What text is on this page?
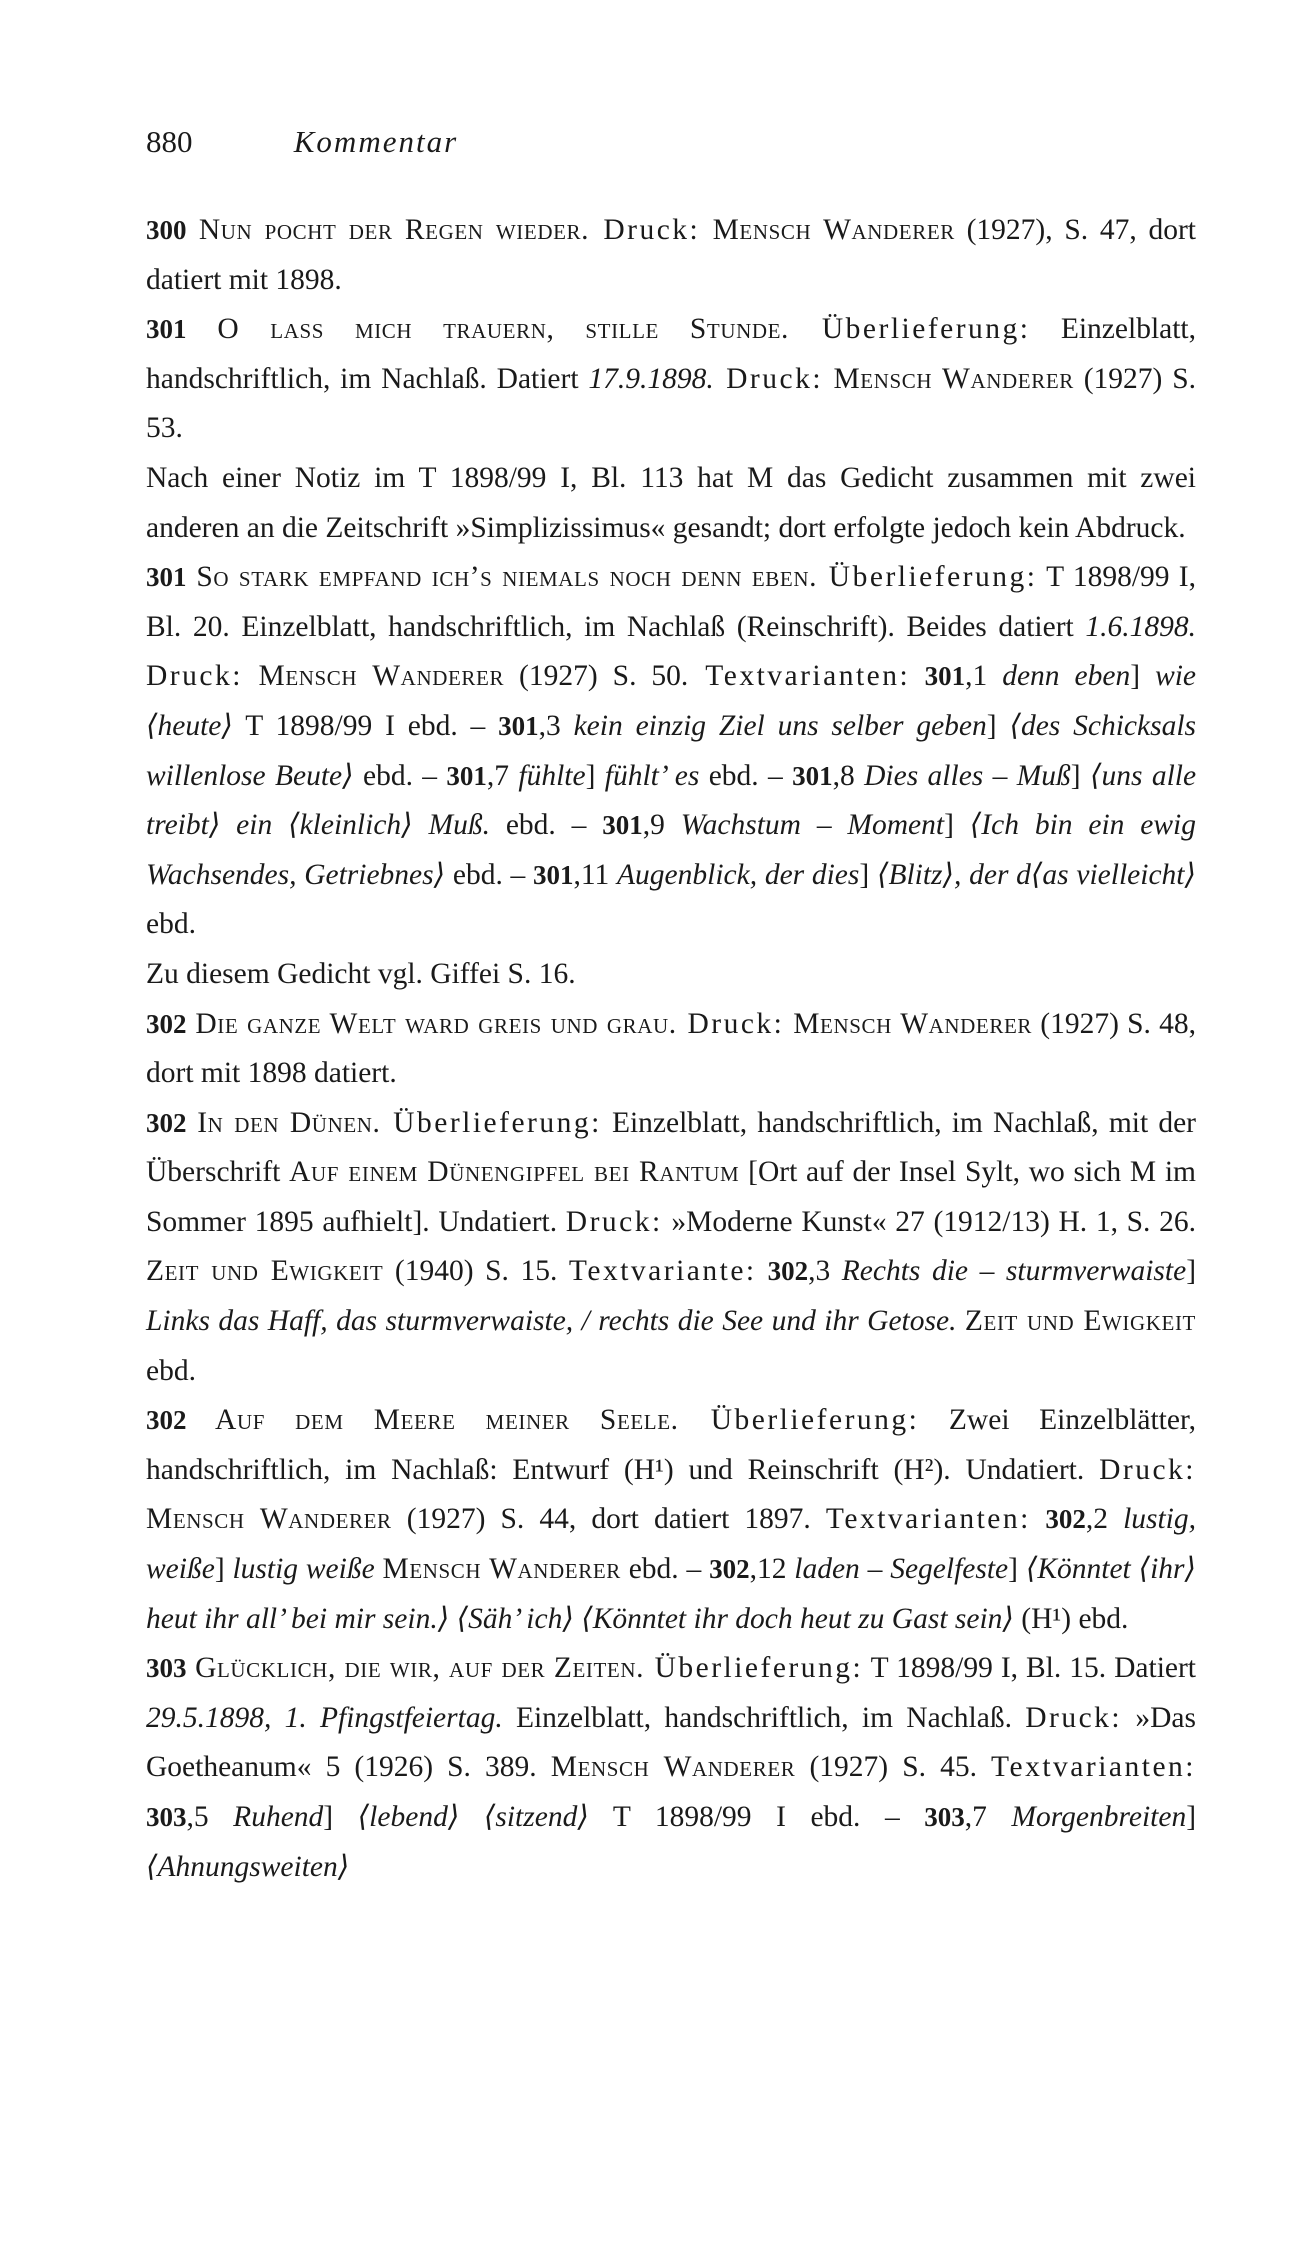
880	Kommentar

300 Nun pocht der Regen wieder. Druck: Mensch Wanderer (1927), S. 47, dort datiert mit 1898.

301 O lass mich trauern, stille Stunde. Überlieferung: Einzelblatt, handschriftlich, im Nachlaß. Datiert 17.9.1898. Druck: Mensch Wanderer (1927) S. 53.

Nach einer Notiz im T 1898/99 I, Bl. 113 hat M das Gedicht zusammen mit zwei anderen an die Zeitschrift »Simplizissimus« gesandt; dort erfolgte jedoch kein Abdruck.

301 So stark empfand ich’s niemals noch denn eben. Überlieferung: T 1898/99 I, Bl. 20. Einzelblatt, handschriftlich, im Nachlaß (Reinschrift). Beides datiert 1.6.1898. Druck: Mensch Wanderer (1927) S. 50. Textvarianten: 301,1 denn eben] wie ⟨heute⟩ T 1898/99 I ebd. – 301,3 kein einzig Ziel uns selber geben] ⟨des Schicksals willenlose Beute⟩ ebd. – 301,7 fühlte] fühlt’ es ebd. – 301,8 Dies alles – Muß] ⟨uns alle treibt⟩ ein ⟨kleinlich⟩ Muß. ebd. – 301,9 Wachstum – Moment] ⟨Ich bin ein ewig Wachsendes, Getriebnes⟩ ebd. – 301,11 Augenblick, der dies] ⟨Blitz⟩, der d⟨as vielleicht⟩ ebd.

Zu diesem Gedicht vgl. Giffei S. 16.

302 Die ganze Welt ward greis und grau. Druck: Mensch Wanderer (1927) S. 48, dort mit 1898 datiert.

302 In den Dünen. Überlieferung: Einzelblatt, handschriftlich, im Nachlaß, mit der Überschrift Auf einem Dünengipfel bei Rantum [Ort auf der Insel Sylt, wo sich M im Sommer 1895 aufhielt]. Undatiert. Druck: »Moderne Kunst« 27 (1912/13) H. 1, S. 26. Zeit und Ewigkeit (1940) S. 15. Textvariante: 302,3 Rechts die – sturmverwaiste] Links das Haff, das sturmverwaiste, / rechts die See und ihr Getose. Zeit und Ewigkeit ebd.

302 Auf dem Meere meiner Seele. Überlieferung: Zwei Einzelblätter, handschriftlich, im Nachlaß: Entwurf (H¹) und Reinschrift (H²). Undatiert. Druck: Mensch Wanderer (1927) S. 44, dort datiert 1897. Textvarianten: 302,2 lustig, weiße] lustig weiße Mensch Wanderer ebd. – 302,12 laden – Segelfeste] ⟨Könntet ⟨ihr⟩ heut ihr all’ bei mir sein.⟩ ⟨Säh’ ich⟩ ⟨Könntet ihr doch heut zu Gast sein⟩ (H¹) ebd.

303 Glücklich, die wir, auf der Zeiten. Überlieferung: T 1898/99 I, Bl. 15. Datiert 29.5.1898, 1. Pfingstfeiertag. Einzelblatt, handschriftlich, im Nachlaß. Druck: »Das Goetheanum« 5 (1926) S. 389. Mensch Wanderer (1927) S. 45. Textvarianten: 303,5 Ruhend] ⟨lebend⟩ ⟨sitzend⟩ T 1898/99 I ebd. – 303,7 Morgenbreiten] ⟨Ahnungsweiten⟩
